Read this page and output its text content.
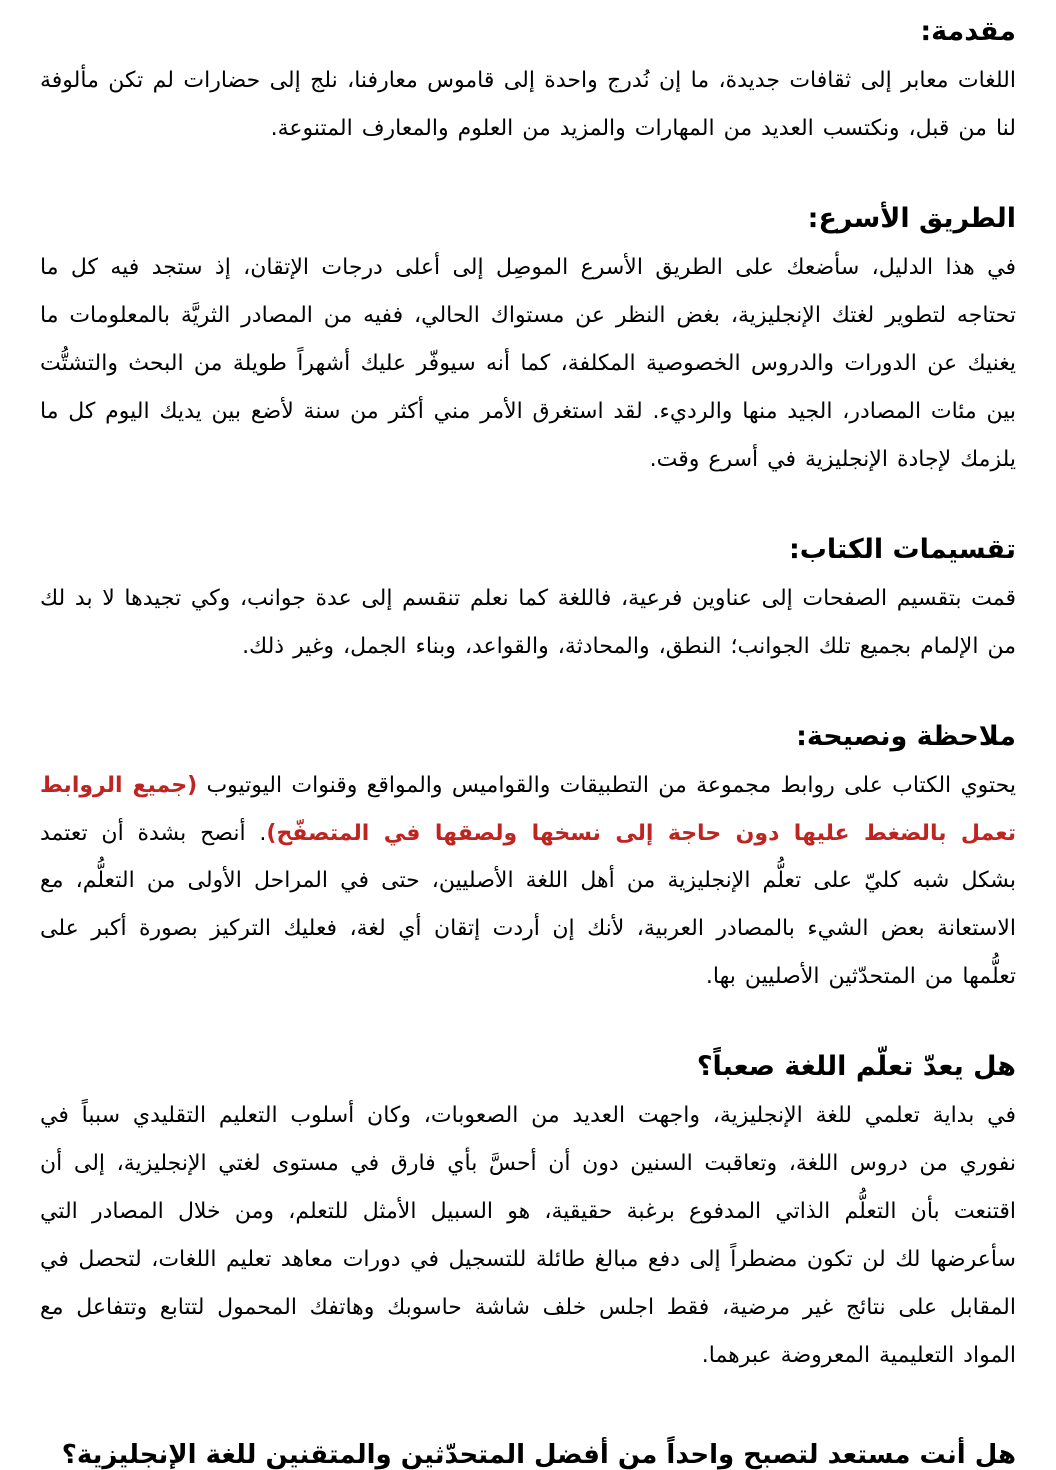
مقدمة:

اللغات معابر إلى ثقافات جديدة، ما إن نُدرج واحدة إلى قاموس معارفنا، نلج إلى حضارات لم تكن مألوفة لنا من قبل، ونكتسب العديد من المهارات والمزيد من العلوم والمعارف المتنوعة.

الطريق الأسرع:

في هذا الدليل، سأضعك على الطريق الأسرع الموصِل إلى أعلى درجات الإتقان، إذ ستجد فيه كل ما تحتاجه لتطوير لغتك الإنجليزية، بغض النظر عن مستواك الحالي، ففيه من المصادر الثريَّة بالمعلومات ما يغنيك عن الدورات والدروس الخصوصية المكلفة، كما أنه سيوفّر عليك أشهراً طويلة من البحث والتشتُّت بين مئات المصادر، الجيد منها والرديء. لقد استغرق الأمر مني أكثر من سنة لأضع بين يديك اليوم كل ما يلزمك لإجادة الإنجليزية في أسرع وقت.

تقسيمات الكتاب:

قمت بتقسيم الصفحات إلى عناوين فرعية، فاللغة كما نعلم تنقسم إلى عدة جوانب، وكي تجيدها لا بد لك من الإلمام بجميع تلك الجوانب؛ النطق، والمحادثة، والقواعد، وبناء الجمل، وغير ذلك.

ملاحظة ونصيحة:

يحتوي الكتاب على روابط مجموعة من التطبيقات والقواميس والمواقع وقنوات اليوتيوب (جميع الروابط تعمل بالضغط عليها دون حاجة إلى نسخها ولصقها في المتصفّح). أنصح بشدة أن تعتمد بشكل شبه كليّ على تعلُّم الإنجليزية من أهل اللغة الأصليين، حتى في المراحل الأولى من التعلُّم، مع الاستعانة بعض الشيء بالمصادر العربية، لأنك إن أردت إتقان أي لغة، فعليك التركيز بصورة أكبر على تعلُّمها من المتحدّثين الأصليين بها.

هل يعدّ تعلّم اللغة صعباً؟

في بداية تعلمي للغة الإنجليزية، واجهت العديد من الصعوبات، وكان أسلوب التعليم التقليدي سبباً في نفوري من دروس اللغة، وتعاقبت السنين دون أن أحسَّ بأي فارق في مستوى لغتي الإنجليزية، إلى أن اقتنعت بأن التعلُّم الذاتي المدفوع برغبة حقيقية، هو السبيل الأمثل للتعلم، ومن خلال المصادر التي سأعرضها لك لن تكون مضطراً إلى دفع مبالغ طائلة للتسجيل في دورات معاهد تعليم اللغات، لتحصل في المقابل على نتائج غير مرضية، فقط اجلس خلف شاشة حاسوبك وهاتفك المحمول لتتابع وتتفاعل مع المواد التعليمية المعروضة عبرهما.

هل أنت مستعد لتصبح واحداً من أفضل المتحدّثين والمتقنين للغة الإنجليزية؟
